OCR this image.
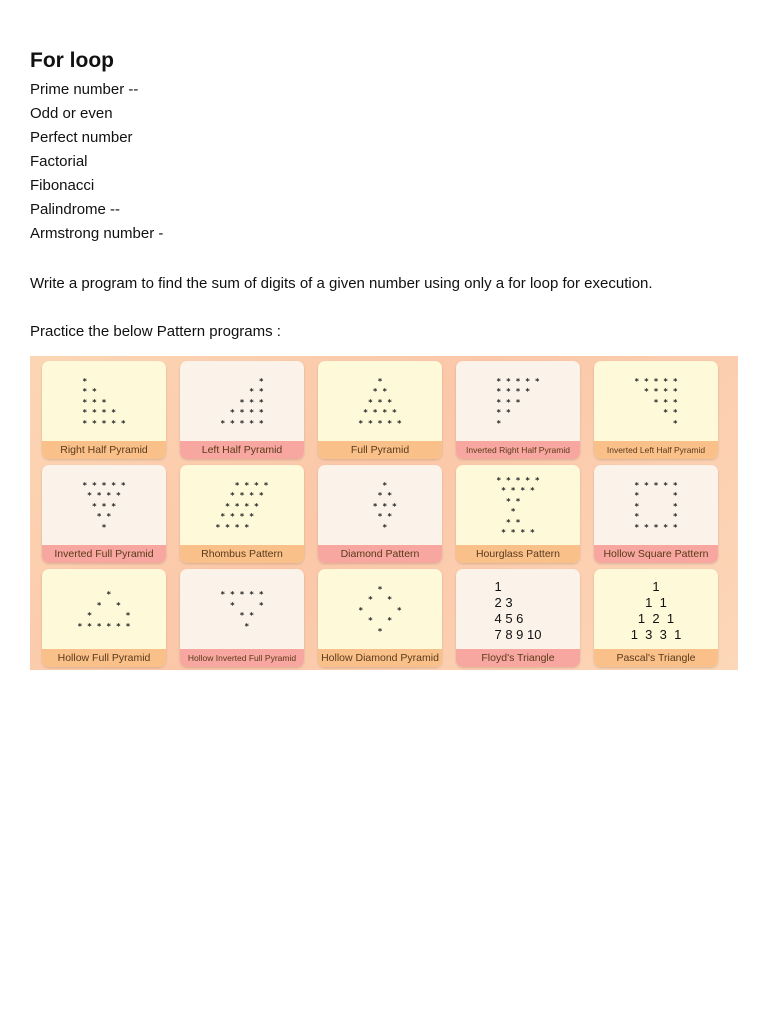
For loop
Prime number --
Odd or even
Perfect number
Factorial
Fibonacci
Palindrome --
Armstrong number -

Write a program to find the sum of digits of a given number using only a for loop for execution.

Practice the below Pattern programs :

*
* *
* * *
* * * *
* * * * *
Right Half Pyramid
*
* *
* * *
* * * *
* * * * *
Left Half Pyramid
*
* *
* * *
* * * *
* * * * *
Full Pyramid
* * * * *
* * * *
* * *
* *
*
Inverted Right Half Pyramid
* * * * *
* * * *
* * *
* *
*
Inverted Left Half Pyramid
* * * * *
* * * *
* * *
* *
*
Inverted Full Pyramid
* * * *
* * * *
* * * *
* * * *
* * * *
Rhombus Pattern
*
* *
* * *
* *
*
Diamond Pattern
* * * * *
* * * *
* *
*
* *
* * * *
Hourglass Pattern
* * * * *
*       *
*       *
*       *
* * * * *
Hollow Square Pattern
*
*   *
*       *
* * * * * *
Hollow Full Pyramid
* * * * *
*     *
* *
*
Hollow Inverted Full Pyramid
*
*   *
*       *
*   *
*
Hollow Diamond Pyramid
1
2 3
4 5 6
7 8 9 10
Floyd's Triangle
1
1  1
1  2  1
1  3  3  1
Pascal's Triangle
